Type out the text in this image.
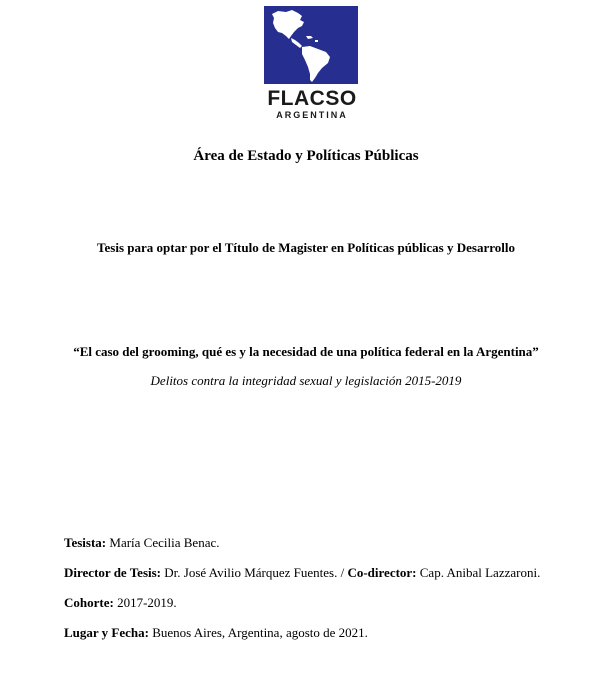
FLACSO
ARGENTINA
Área de Estado y Políticas Públicas
Tesis para optar por el Título de Magister en Políticas públicas y Desarrollo
“El caso del grooming, qué es y la necesidad de una política federal en la Argentina”
Delitos contra la integridad sexual y legislación 2015-2019
Tesista: María Cecilia Benac.
Director de Tesis: Dr. José Avilio Márquez Fuentes. / Co-director: Cap. Anibal Lazzaroni.
Cohorte: 2017-2019.
Lugar y Fecha: Buenos Aires, Argentina, agosto de 2021.
